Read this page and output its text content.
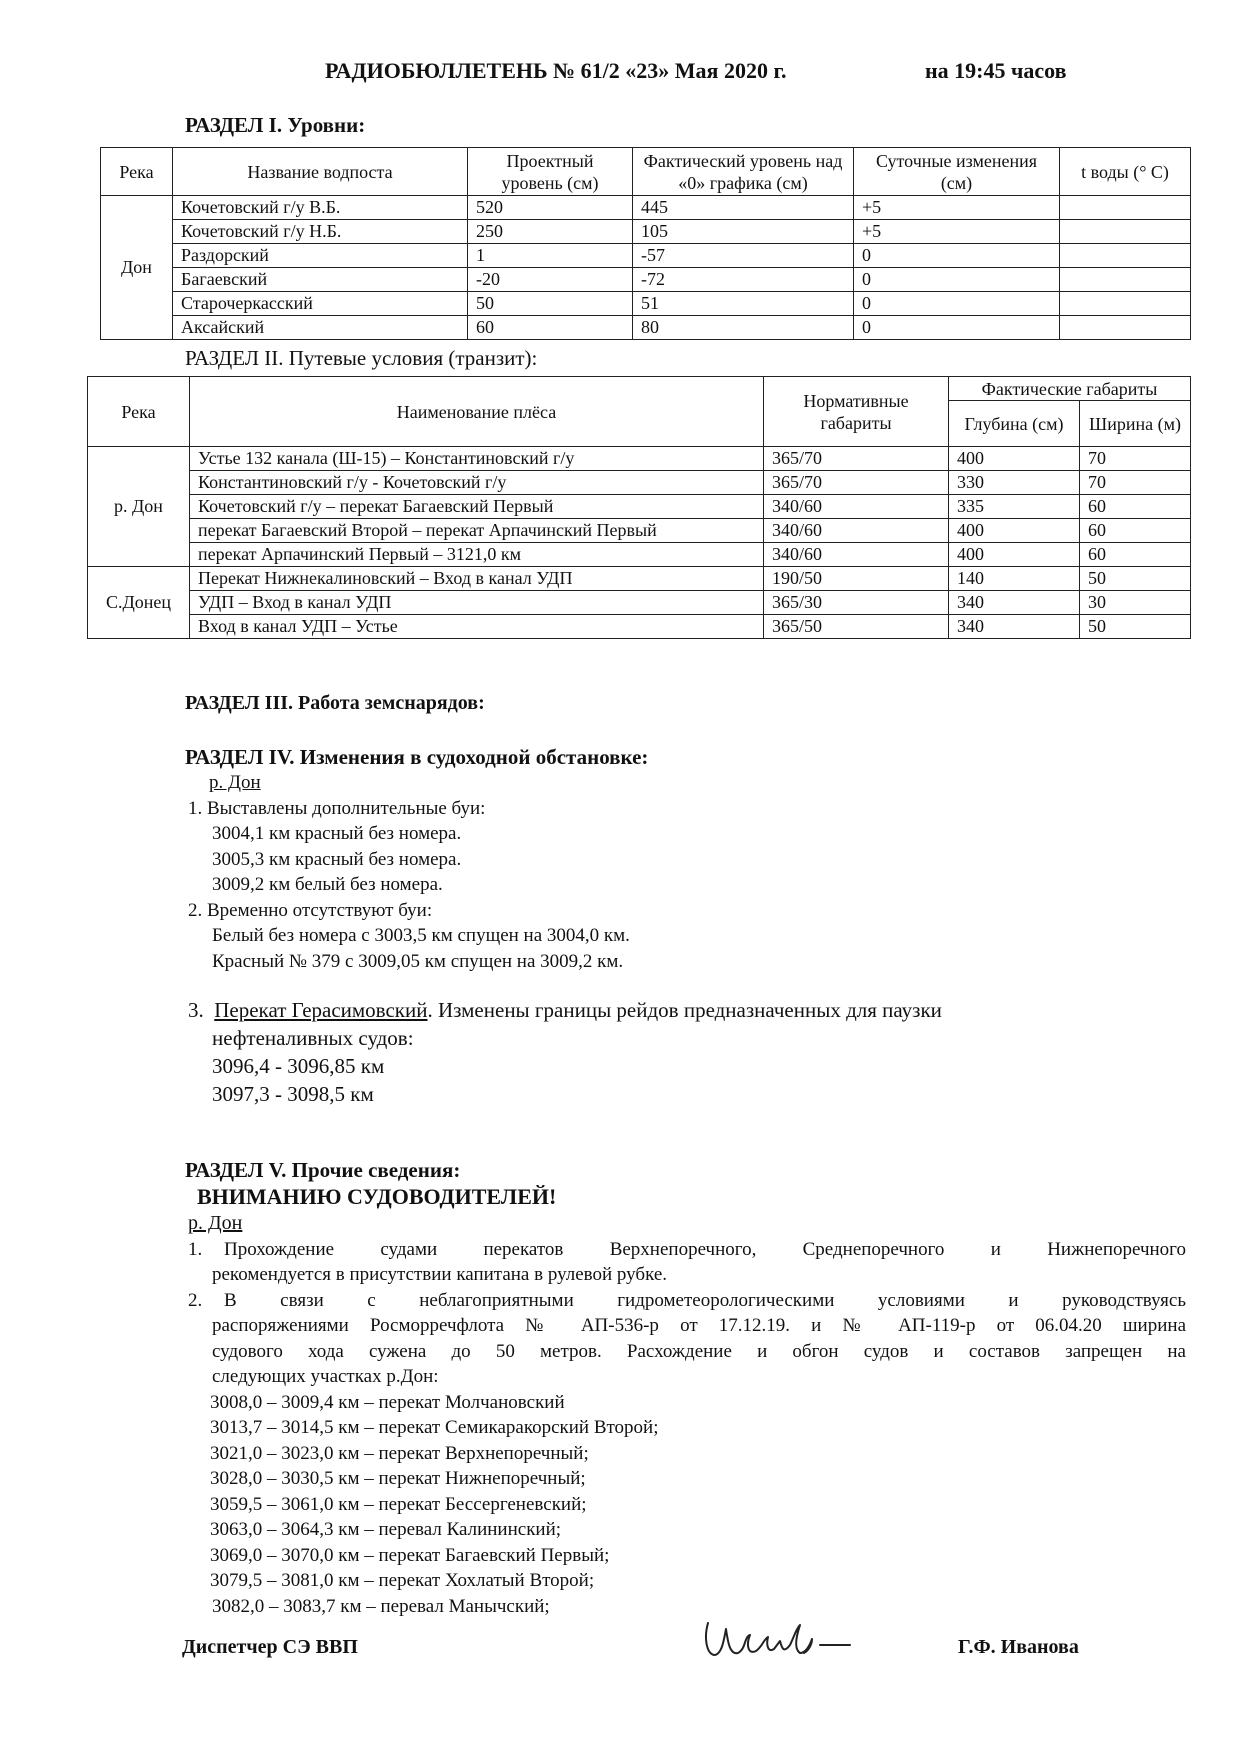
РАДИОБЮЛЛЕТЕНЬ № 61/2 «23» Мая 2020 г.	на 19:45 часов
РАЗДЕЛ I. Уровни:
Река	Название водпоста	Проектный уровень (см)	Фактический уровень над «0» графика (см)	Суточные изменения (см)	t воды (° C)
Дон	Кочетовский г/у В.Б.	520	445	+5	
	Кочетовский г/у Н.Б.	250	105	+5	
	Раздорский	1	-57	0	
	Багаевский	-20	-72	0	
	Старочеркасский	50	51	0	
	Аксайский	60	80	0	
РАЗДЕЛ II. Путевые условия (транзит):
Река	Наименование плёса	Нормативные габариты	Фактические габариты	
			Глубина (см)	Ширина (м)
р. Дон	Устье 132 канала (Ш-15) – Константиновский г/у	365/70	400	70
	Константиновский г/у - Кочетовский г/у	365/70	330	70
	Кочетовский г/у – перекат Багаевский Первый	340/60	335	60
	перекат Багаевский Второй – перекат Арпачинский Первый	340/60	400	60
	перекат Арпачинский Первый – 3121,0 км	340/60	400	60
С.Донец	Перекат Нижнекалиновский – Вход в канал УДП	190/50	140	50
	УДП – Вход в канал УДП	365/30	340	30
	Вход в канал УДП – Устье	365/50	340	50
РАЗДЕЛ III. Работа земснарядов:
РАЗДЕЛ IV. Изменения в судоходной обстановке:
р. Дон
1. Выставлены дополнительные буи:
3004,1 км красный без номера.
3005,3 км красный без номера.
3009,2 км белый без номера.
2. Временно отсутствуют буи:
Белый без номера с 3003,5 км спущен на 3004,0 км.
Красный № 379 с 3009,05 км спущен на 3009,2 км.
3. Перекат Герасимовский. Изменены границы рейдов предназначенных для паузки
нефтеналивных судов:
3096,4 - 3096,85 км
3097,3 - 3098,5 км
РАЗДЕЛ V. Прочие сведения:
ВНИМАНИЮ СУДОВОДИТЕЛЕЙ!
р. Дон
1. Прохождение судами перекатов Верхнепоречного, Среднепоречного и Нижнепоречного
рекомендуется в присутствии капитана в рулевой рубке.
2. В связи с неблагоприятными гидрометеорологическими условиями и руководствуясь
распоряжениями Росморречфлота № АП-536-р от 17.12.19. и № АП-119-р от 06.04.20 ширина
судового хода сужена до 50 метров. Расхождение и обгон судов и составов запрещен на
следующих участках р.Дон:
3008,0 – 3009,4 км – перекат Молчановский
3013,7 – 3014,5 км – перекат Семикаракорский Второй;
3021,0 – 3023,0 км – перекат Верхнепоречный;
3028,0 – 3030,5 км – перекат Нижнепоречный;
3059,5 – 3061,0 км – перекат Бессергеневский;
3063,0 – 3064,3 км – перевал Калининский;
3069,0 – 3070,0 км – перекат Багаевский Первый;
3079,5 – 3081,0 км – перекат Хохлатый Второй;
3082,0 – 3083,7 км – перевал Манычский;
Диспетчер СЭ ВВП	Г.Ф. Иванова
